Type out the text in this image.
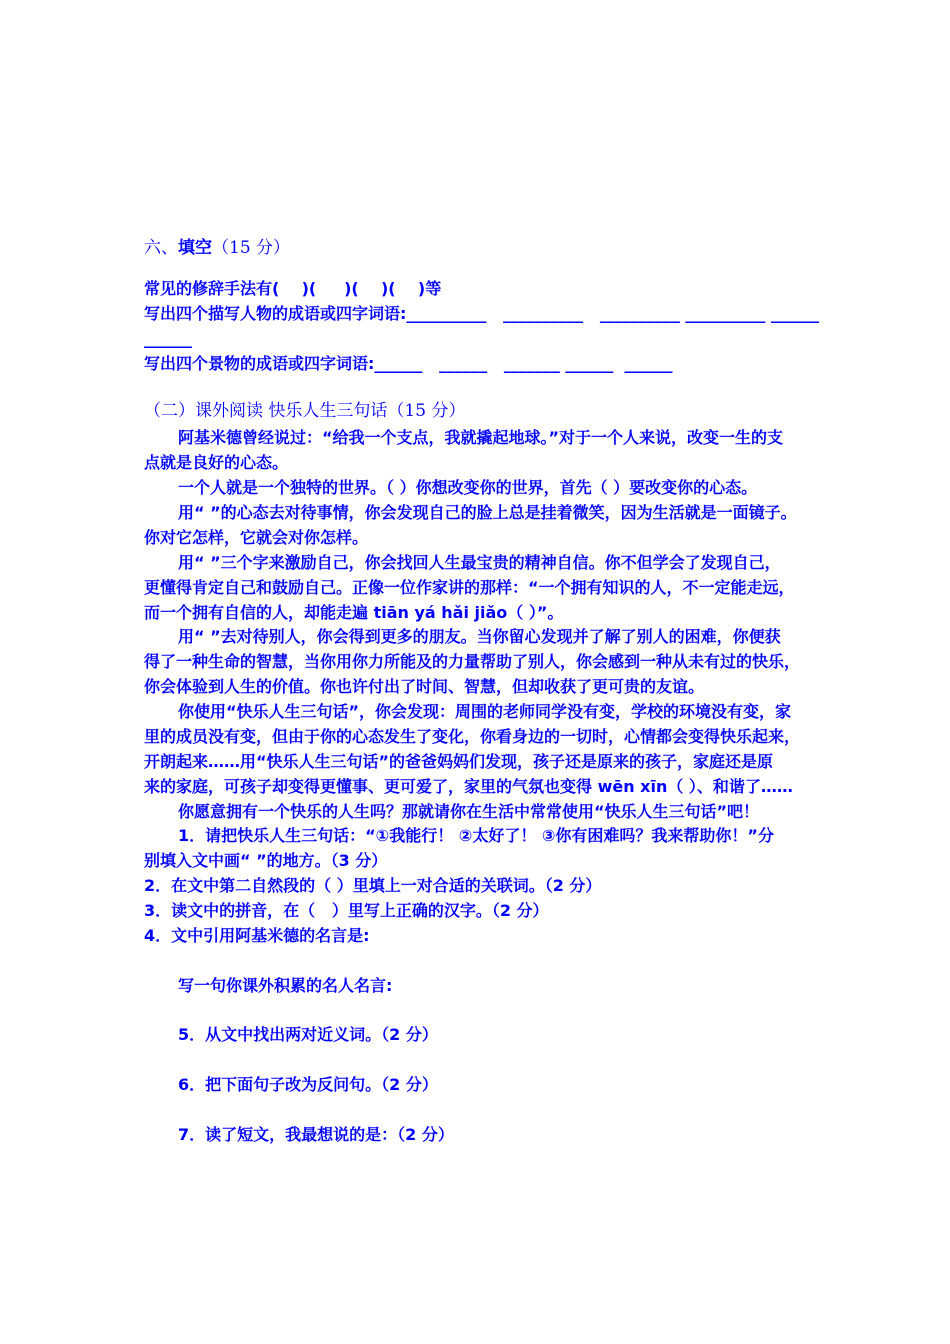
六、填空（15 分）
常见的修辞手法有(    )(     )(    )(    )等
写出四个描写人物的成语或四字词语:__________   __________   __________ __________ ______
______
写出四个景物的成语或四字词语:______   ______   _______ ______  ______
（二）课外阅读 快乐人生三句话（15 分）
阿基米德曾经说过：“给我一个支点，我就撬起地球。”对于一个人来说，改变一生的支
点就是良好的心态。
一个人就是一个独特的世界。（ ）你想改变你的世界，首先（ ）要改变你的心态。
用“ ”的心态去对待事情，你会发现自己的脸上总是挂着微笑，因为生活就是一面镜子。
你对它怎样，它就会对你怎样。
用“ ”三个字来激励自己，你会找回人生最宝贵的精神自信。你不但学会了发现自己，
更懂得肯定自己和鼓励自己。正像一位作家讲的那样：“一个拥有知识的人，不一定能走远，
而一个拥有自信的人，却能走遍 tiān yá hǎi jiǎo（ ）”。
用“ ”去对待别人，你会得到更多的朋友。当你留心发现并了解了别人的困难，你便获
得了一种生命的智慧，当你用你力所能及的力量帮助了别人，你会感到一种从未有过的快乐，
你会体验到人生的价值。你也许付出了时间、智慧，但却收获了更可贵的友谊。
你使用“快乐人生三句话”，你会发现：周围的老师同学没有变，学校的环境没有变，家
里的成员没有变，但由于你的心态发生了变化，你看身边的一切时，心情都会变得快乐起来，
开朗起来……用“快乐人生三句话”的爸爸妈妈们发现，孩子还是原来的孩子，家庭还是原
来的家庭，可孩子却变得更懂事、更可爱了，家里的气氛也变得 wēn xīn（ ）、和谐了……
你愿意拥有一个快乐的人生吗？那就请你在生活中常常使用“快乐人生三句话”吧！
1．请把快乐人生三句话：“①我能行！ ②太好了！ ③你有困难吗？我来帮助你！”分
别填入文中画“ ”的地方。（3 分）
2．在文中第二自然段的（ ）里填上一对合适的关联词。（2 分）
3．读文中的拼音，在（   ）里写上正确的汉字。（2 分）
4．文中引用阿基米德的名言是:
写一句你课外积累的名人名言:
5．从文中找出两对近义词。（2 分）
6．把下面句子改为反问句。（2 分）
7．读了短文，我最想说的是：（2 分）
